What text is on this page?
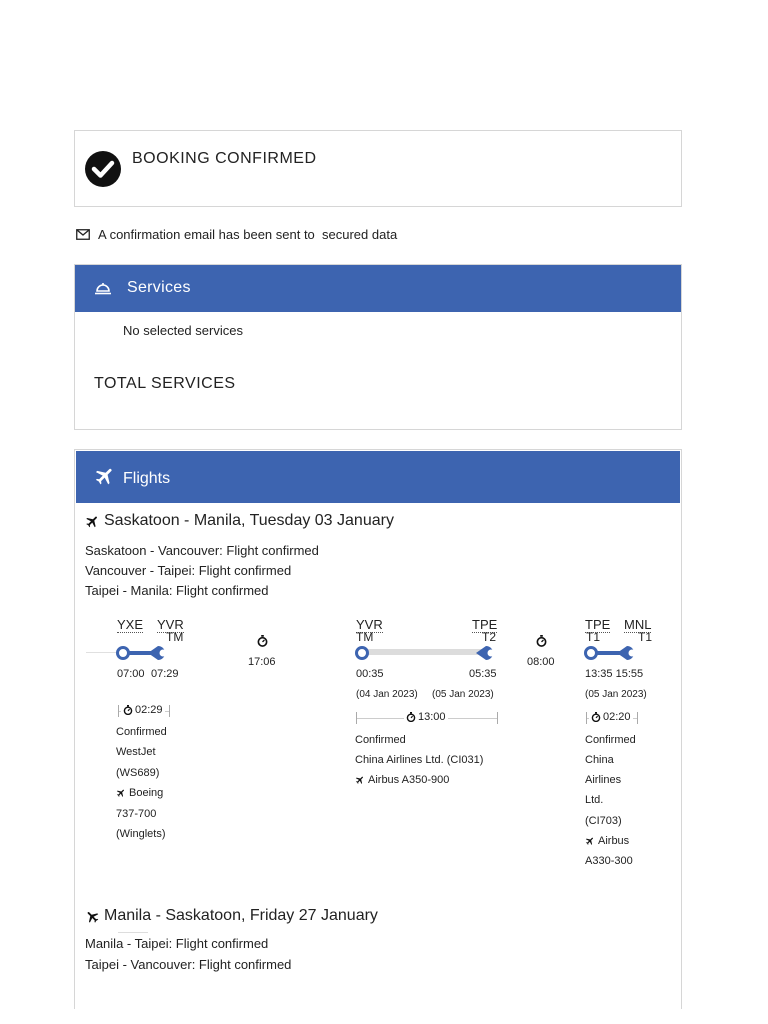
BOOKING CONFIRMED
A confirmation email has been sent to  secured data
Services
No selected services
TOTAL SERVICES
Flights
Saskatoon - Manila, Tuesday 03 January
Saskatoon - Vancouver: Flight confirmed
Vancouver - Taipei: Flight confirmed
Taipei - Manila: Flight confirmed
YXE YVR
TM
07:00 07:29
02:29
Confirmed
WestJet
(WS689)
Boeing
737-700
(Winglets)
17:06
YVR
TM
TPE
T2
00:35	05:35
(04 Jan 2023) (05 Jan 2023)
13:00
Confirmed
China Airlines Ltd. (CI031)
Airbus A350-900
08:00
TPE
T1
MNL
T1
13:35 15:55
(05 Jan 2023)
02:20
Confirmed
China
Airlines
Ltd.
(CI703)
Airbus
A330-300
Manila - Saskatoon, Friday 27 January
Manila - Taipei: Flight confirmed
Taipei - Vancouver: Flight confirmed
